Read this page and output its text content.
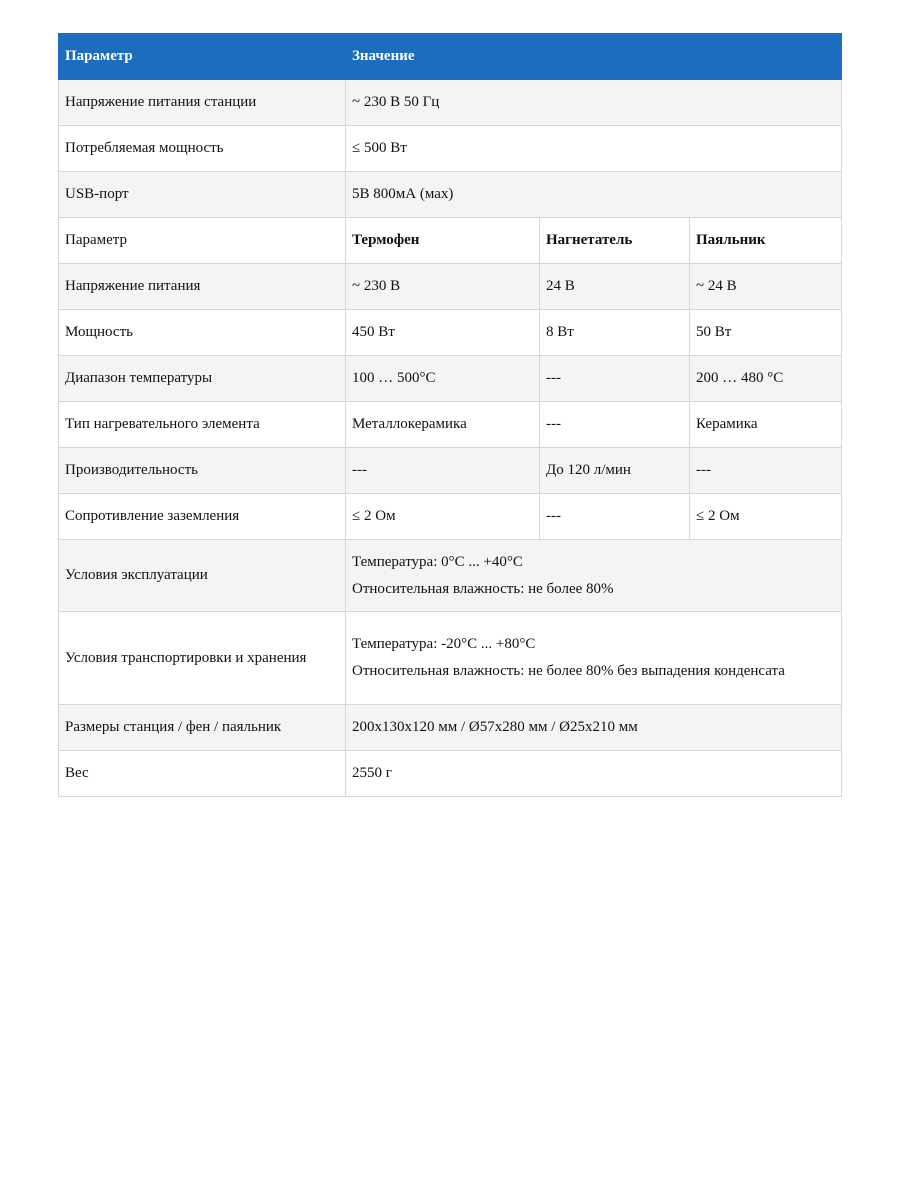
Параметр	Значение		
Напряжение питания станции	~ 230 В 50 Гц		
Потребляемая мощность	≤ 500 Вт		
USB-порт	5В 800мА (мах)		
Параметр	Термофен	Нагнетатель	Паяльник
Напряжение питания	~ 230 В	24 В	~ 24 В
Мощность	450 Вт	8 Вт	50 Вт
Диапазон температуры	100 … 500°С	---	200 … 480 °С
Тип нагревательного элемента	Металлокерамика	---	Керамика
Производительность	---	До 120 л/мин	---
Сопротивление заземления	≤ 2 Ом	---	≤ 2 Ом
Условия эксплуатации	Температура: 0°С ... +40°С
Относительная влажность: не более 80%		

Условия транспортировки и хранения	Температура: -20°С ... +80°С
Относительная влажность: не более 80% без выпадения конденсата		

Размеры станция / фен / паяльник	200х130х120 мм / Ø57х280 мм / Ø25х210 мм		
Вес	2550 г		
